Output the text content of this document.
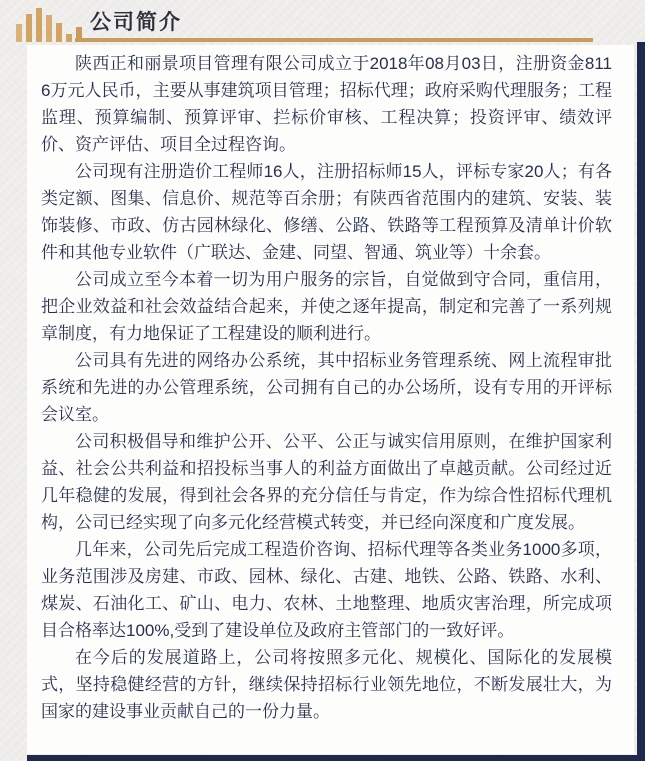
公司简介

陕西正和丽景项目管理有限公司成立于2018年08月03日，注册资金8116万元人民币，主要从事建筑项目管理；招标代理；政府采购代理服务；工程监理、预算编制、预算评审、拦标价审核、工程决算；投资评审、绩效评价、资产评估、项目全过程咨询。

公司现有注册造价工程师16人，注册招标师15人，评标专家20人；有各类定额、图集、信息价、规范等百余册；有陕西省范围内的建筑、安装、装饰装修、市政、仿古园林绿化、修缮、公路、铁路等工程预算及清单计价软件和其他专业软件（广联达、金建、同望、智通、筑业等）十余套。

公司成立至今本着一切为用户服务的宗旨，自觉做到守合同，重信用，把企业效益和社会效益结合起来，并使之逐年提高，制定和完善了一系列规章制度，有力地保证了工程建设的顺利进行。

公司具有先进的网络办公系统，其中招标业务管理系统、网上流程审批系统和先进的办公管理系统，公司拥有自己的办公场所，设有专用的开评标会议室。

公司积极倡导和维护公开、公平、公正与诚实信用原则，在维护国家利益、社会公共利益和招投标当事人的利益方面做出了卓越贡献。公司经过近几年稳健的发展，得到社会各界的充分信任与肯定，作为综合性招标代理机构，公司已经实现了向多元化经营模式转变，并已经向深度和广度发展。

几年来，公司先后完成工程造价咨询、招标代理等各类业务1000多项，业务范围涉及房建、市政、园林、绿化、古建、地铁、公路、铁路、水利、煤炭、石油化工、矿山、电力、农林、土地整理、地质灾害治理，所完成项目合格率达100%,受到了建设单位及政府主管部门的一致好评。

在今后的发展道路上，公司将按照多元化、规模化、国际化的发展模式，坚持稳健经营的方针，继续保持招标行业领先地位，不断发展壮大，为国家的建设事业贡献自己的一份力量。
